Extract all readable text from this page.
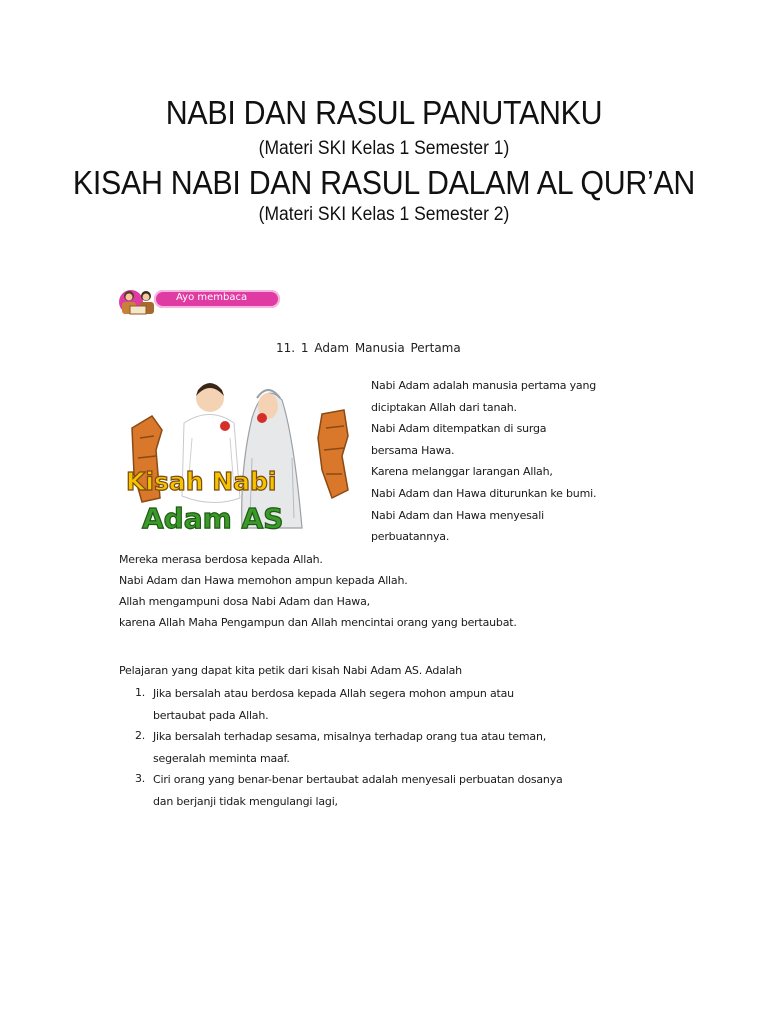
NABI DAN RASUL PANUTANKU
(Materi SKI Kelas 1 Semester 1)
KISAH NABI DAN RASUL DALAM AL QUR’AN
(Materi SKI Kelas 1 Semester 2)
Ayo membaca
11. 1 Adam Manusia Pertama
Kisah Nabi
Adam AS
Nabi Adam adalah manusia pertama yang
diciptakan Allah dari tanah.
Nabi Adam ditempatkan di surga
bersama Hawa.
Karena melanggar larangan Allah,
Nabi Adam dan Hawa diturunkan ke bumi.
Nabi Adam dan Hawa menyesali
perbuatannya.
Mereka merasa berdosa kepada Allah.
Nabi Adam dan Hawa memohon ampun kepada Allah.
Allah mengampuni dosa Nabi Adam dan Hawa,
karena Allah Maha Pengampun dan Allah mencintai orang yang bertaubat.
Pelajaran yang dapat kita petik dari kisah Nabi Adam AS. Adalah
1. Jika bersalah atau berdosa kepada Allah segera mohon ampun atau
bertaubat pada Allah.
2. Jika bersalah terhadap sesama, misalnya terhadap orang tua atau teman,
segeralah meminta maaf.
3. Ciri orang yang benar-benar bertaubat adalah menyesali perbuatan dosanya
dan berjanji tidak mengulangi lagi,
